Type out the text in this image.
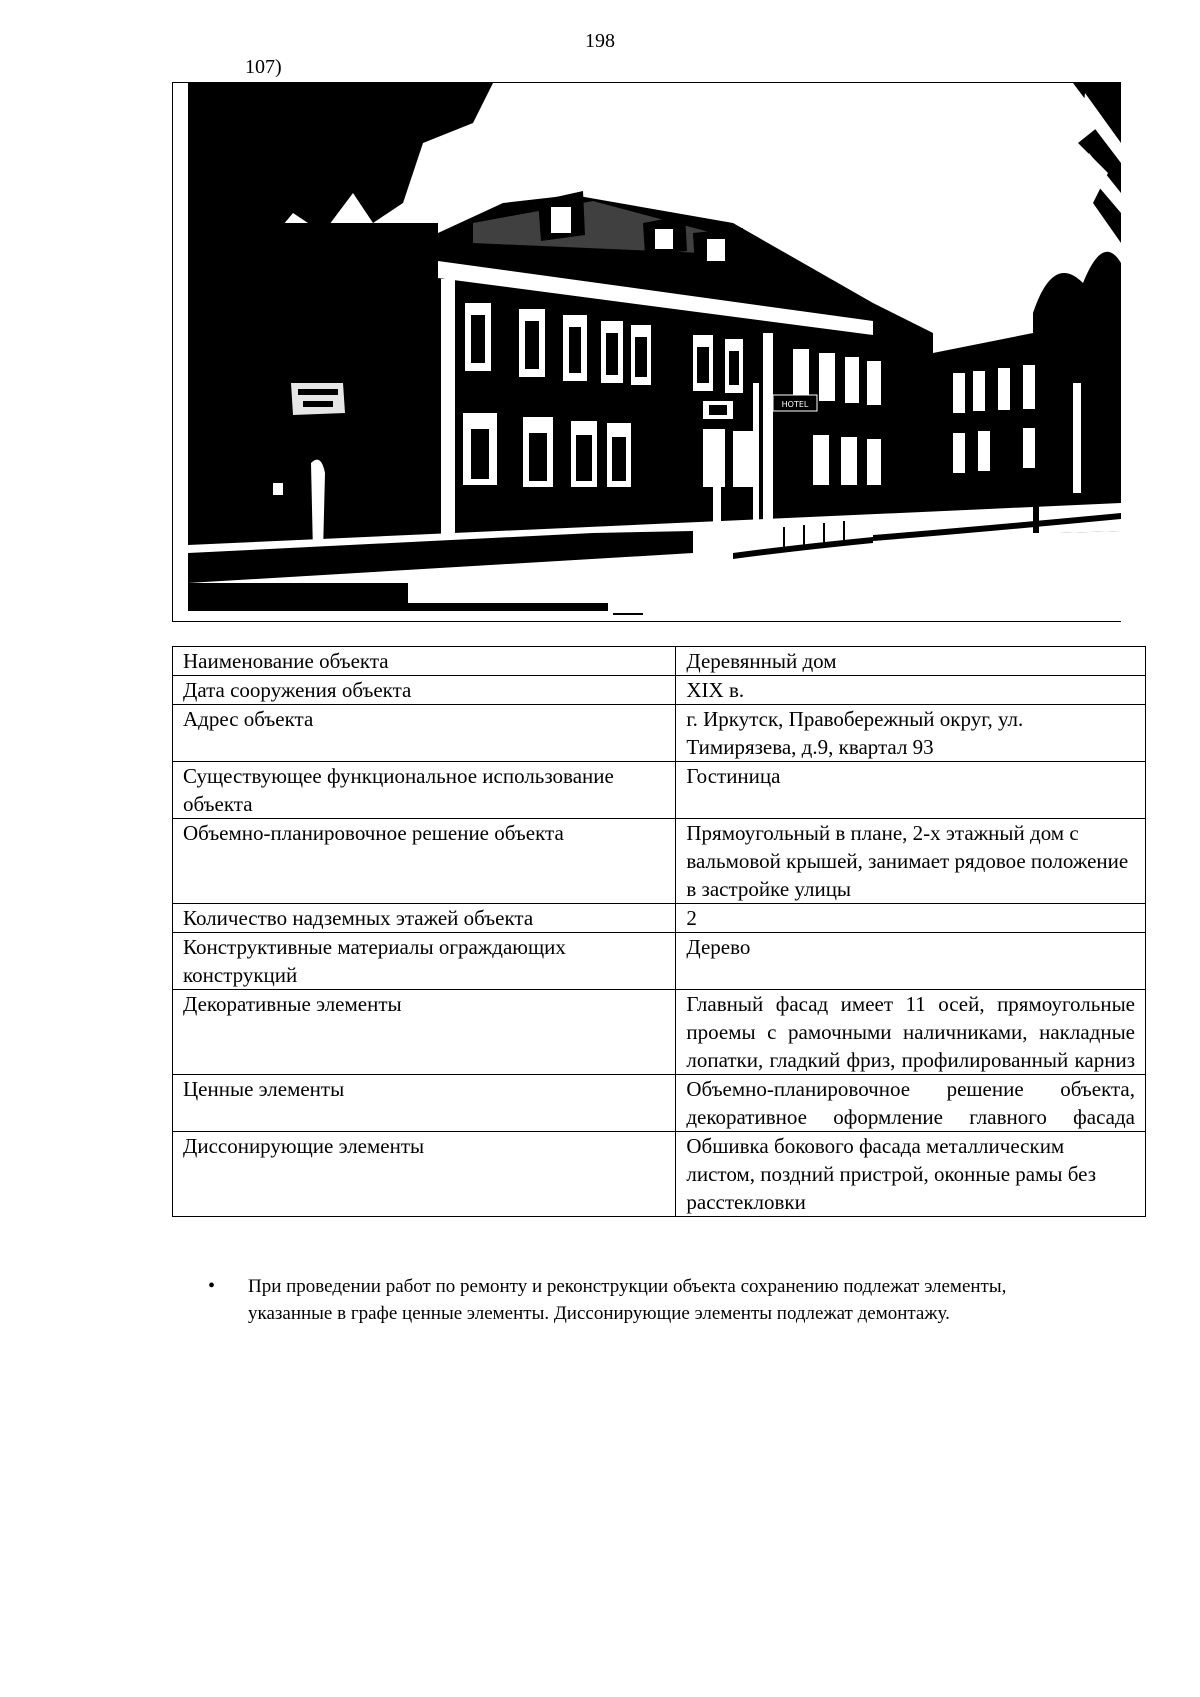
198
107)
HOTEL
Наименование объекта	Деревянный дом
Дата сооружения объекта	XIX в.
Адрес объекта	г. Иркутск, Правобережный округ, ул. Тимирязева, д.9, квартал 93
Существующее функциональное использование объекта	Гостиница
Объемно-планировочное решение объекта	Прямоугольный в плане, 2-х этажный дом с вальмовой крышей, занимает рядовое положение в застройке улицы
Количество надземных этажей объекта	2
Конструктивные материалы ограждающих конструкций	Дерево
Декоративные элементы	Главный фасад имеет 11 осей, прямоугольные проемы с рамочными наличниками, накладные лопатки, гладкий фриз, профилированный карниз
Ценные элементы	Объемно-планировочное решение объекта, декоративное оформление главного фасада
Диссонирующие элементы	Обшивка бокового фасада металлическим листом, поздний пристрой, оконные рамы без расстекловки
• При проведении работ по ремонту и реконструкции объекта сохранению подлежат элементы, указанные в графе ценные элементы. Диссонирующие элементы подлежат демонтажу.
